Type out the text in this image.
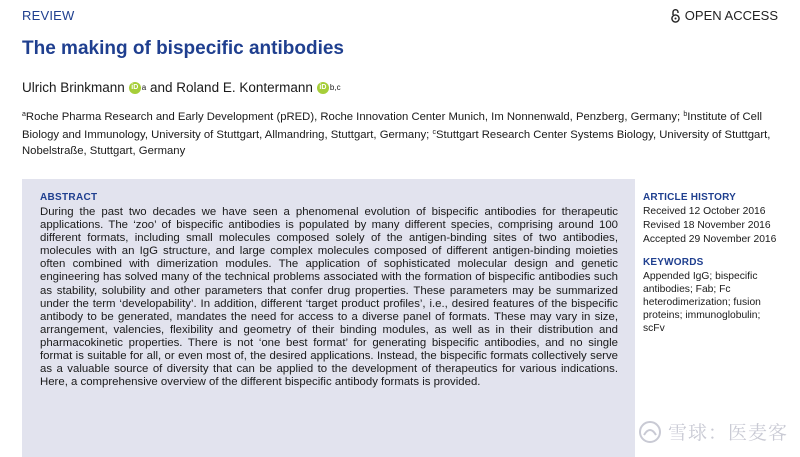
REVIEW	OPEN ACCESS
The making of bispecific antibodies
Ulrich Brinkmann iD a
and
Roland E. Kontermann iD b,c
$^a$Roche Pharma Research and Early Development (pRED), Roche Innovation Center Munich, Im Nonnenwald, Penzberg, Germany; $^b$Institute of Cell Biology and Immunology, University of Stuttgart, Allmandring, Stuttgart, Germany; $^c$Stuttgart Research Center Systems Biology, University of Stuttgart, Nobelstraße, Stuttgart, Germany
ABSTRACT
During the past two decades we have seen a phenomenal evolution of bispecific antibodies for therapeutic applications. The ‘zoo’ of bispecific antibodies is populated by many different species, comprising around 100 different formats, including small molecules composed solely of the antigen-binding sites of two antibodies, molecules with an IgG structure, and large complex molecules composed of different antigen-binding moieties often combined with dimerization modules. The application of sophisticated molecular design and genetic engineering has solved many of the technical problems associated with the formation of bispecific antibodies such as stability, solubility and other parameters that confer drug properties. These parameters may be summarized under the term ‘developability’. In addition, different ‘target product profiles’, i.e., desired features of the bispecific antibody to be generated, mandates the need for access to a diverse panel of formats. These may vary in size, arrangement, valencies, flexibility and geometry of their binding modules, as well as in their distribution and pharmacokinetic properties. There is not ‘one best format’ for generating bispecific antibodies, and no single format is suitable for all, or even most of, the desired applications. Instead, the bispecific formats collectively serve as a valuable source of diversity that can be applied to the development of therapeutics for various indications. Here, a comprehensive overview of the different bispecific antibody formats is provided.
ARTICLE HISTORY
Received 12 October 2016
Revised 18 November 2016
Accepted 29 November 2016
KEYWORDS
Appended IgG; bispecific antibodies; Fab; Fc heterodimerization; fusion proteins; immunoglobulin; scFv
雪球：医麦客
